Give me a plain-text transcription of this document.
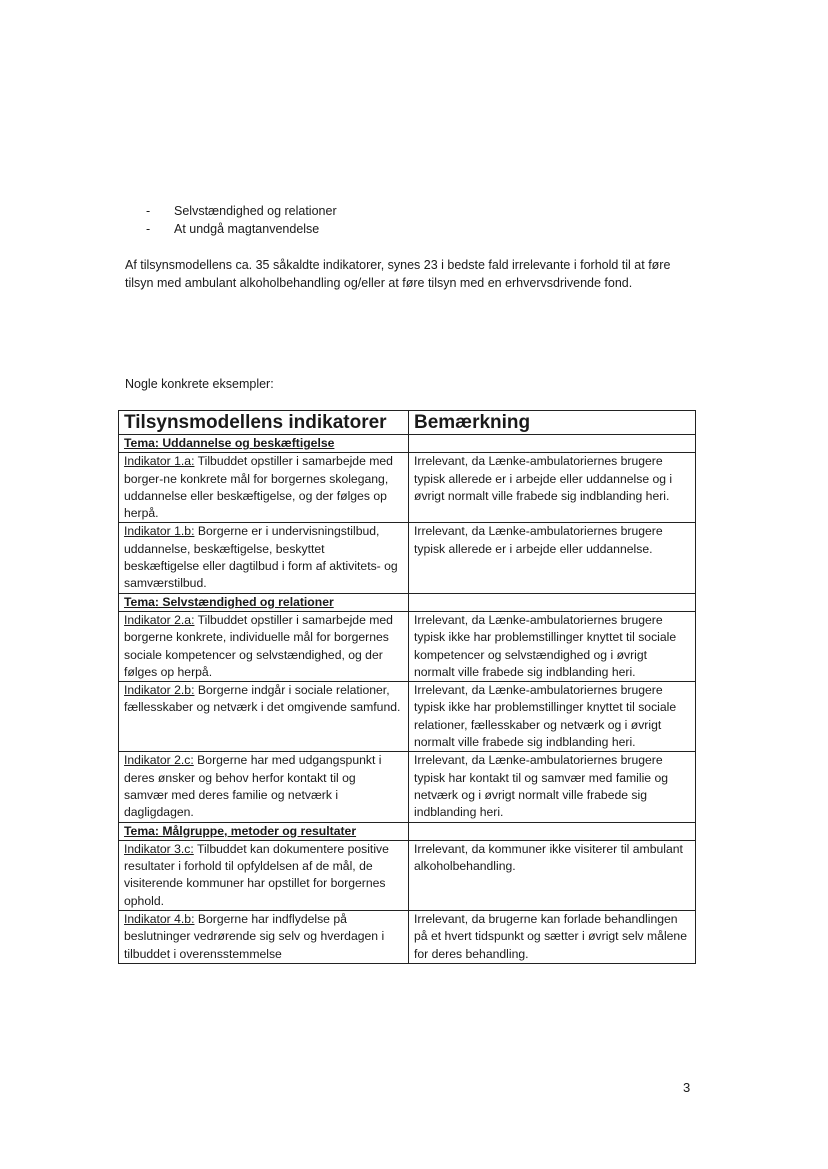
- Selvstændighed og relationer
- At undgå magtanvendelse

Af tilsynsmodellens ca. 35 såkaldte indikatorer, synes 23 i bedste fald irrelevante i forhold til at føre tilsyn med ambulant alkoholbehandling og/eller at føre tilsyn med en erhvervsdrivende fond.

Nogle konkrete eksempler:

Tilsynsmodellens indikatorer	Bemærkning
Tema: Uddannelse og beskæftigelse	
Indikator 1.a: Tilbuddet opstiller i samarbejde med borger-ne konkrete mål for borgernes skolegang, uddannelse eller beskæftigelse, og der følges op herpå.	Irrelevant, da Lænke-ambulatoriernes brugere typisk allerede er i arbejde eller uddannelse og i øvrigt normalt ville frabede sig indblanding heri.
Indikator 1.b: Borgerne er i undervisningstilbud, uddannelse, beskæftigelse, beskyttet beskæftigelse eller dagtilbud i form af aktivitets- og samværstilbud.	Irrelevant, da Lænke-ambulatoriernes brugere typisk allerede er i arbejde eller uddannelse.
Tema: Selvstændighed og relationer	
Indikator 2.a: Tilbuddet opstiller i samarbejde med borgerne konkrete, individuelle mål for borgernes sociale kompetencer og selvstændighed, og der følges op herpå.	Irrelevant, da Lænke-ambulatoriernes brugere typisk ikke har problemstillinger knyttet til sociale kompetencer og selvstændighed og i øvrigt normalt ville frabede sig indblanding heri.
Indikator 2.b: Borgerne indgår i sociale relationer, fællesskaber og netværk i det omgivende samfund.	Irrelevant, da Lænke-ambulatoriernes brugere typisk ikke har problemstillinger knyttet til sociale relationer, fællesskaber og netværk og i øvrigt normalt ville frabede sig indblanding heri.
Indikator 2.c: Borgerne har med udgangspunkt i deres ønsker og behov herfor kontakt til og samvær med deres familie og netværk i dagligdagen.	Irrelevant, da Lænke-ambulatoriernes brugere typisk har kontakt til og samvær med familie og netværk og i øvrigt normalt ville frabede sig indblanding heri.
Tema: Målgruppe, metoder og resultater	
Indikator 3.c: Tilbuddet kan dokumentere positive resultater i forhold til opfyldelsen af de mål, de visiterende kommuner har opstillet for borgernes ophold.	Irrelevant, da kommuner ikke visiterer til ambulant alkoholbehandling.
Indikator 4.b: Borgerne har indflydelse på beslutninger vedrørende sig selv og hverdagen i tilbuddet i overensstemmelse	Irrelevant, da brugerne kan forlade behandlingen på et hvert tidspunkt og sætter i øvrigt selv målene for deres behandling.
3
